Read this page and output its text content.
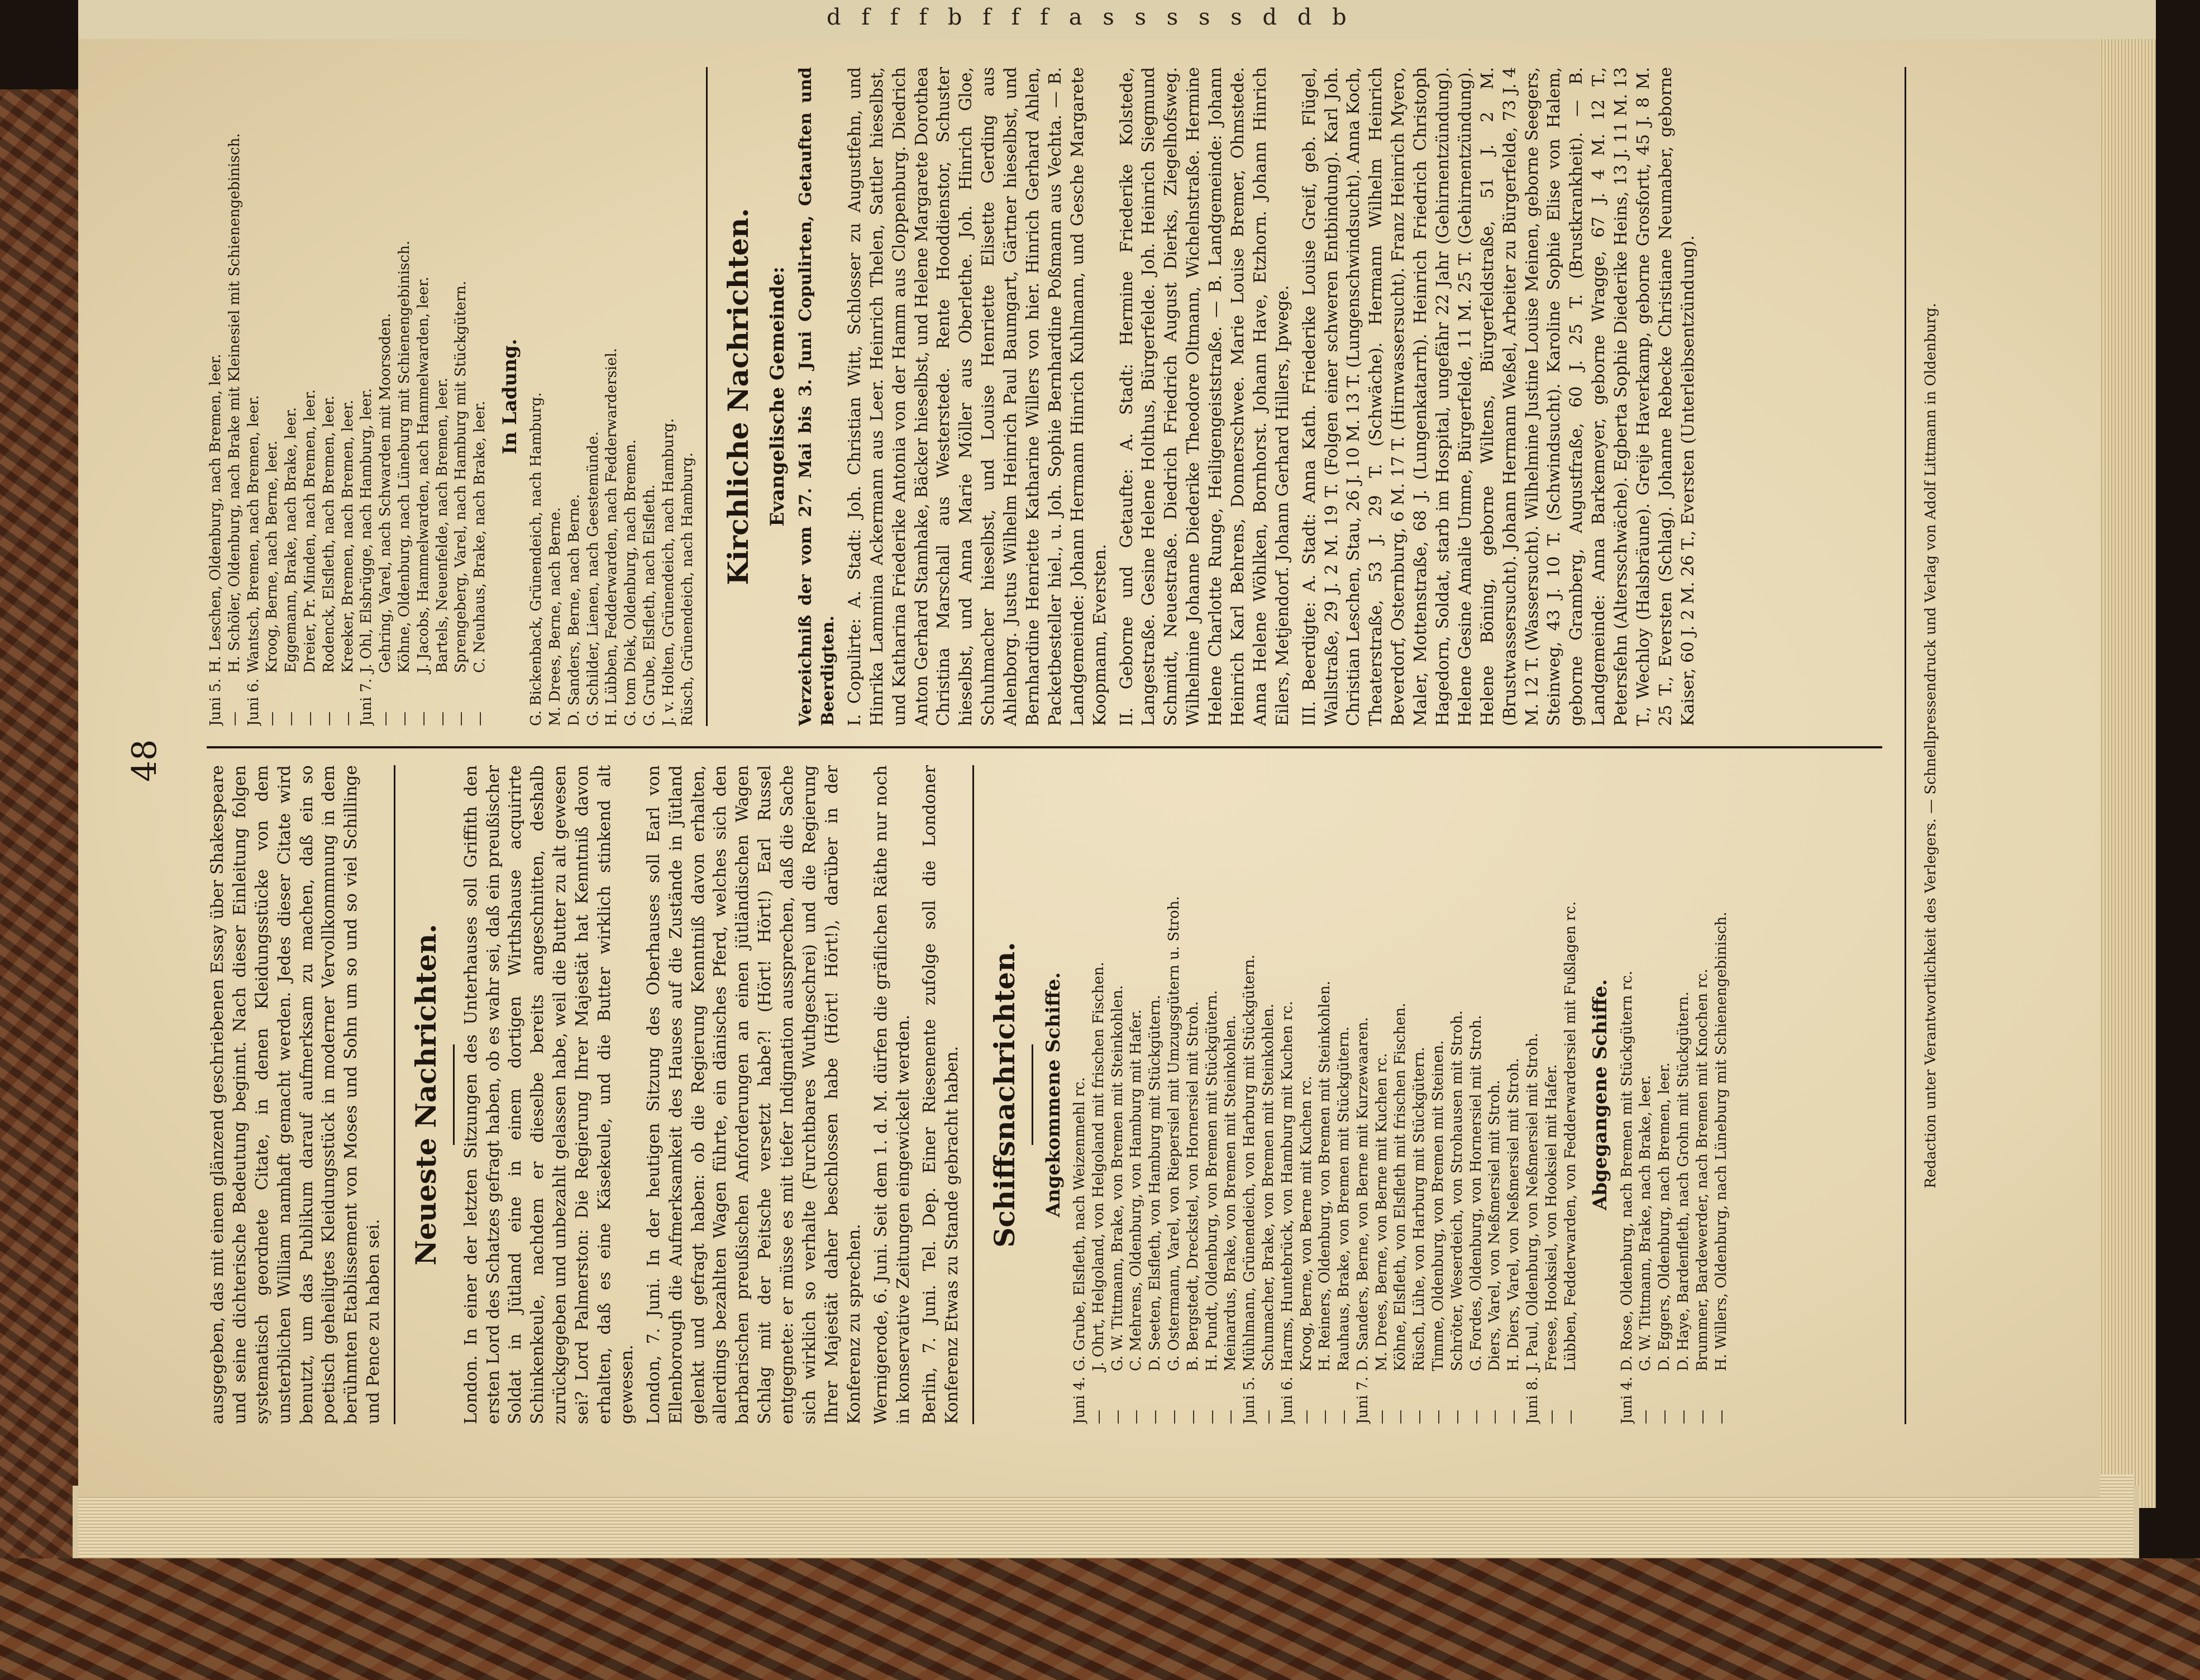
d f f f b f f f a s s s s s d d b
48

ausgegeben, das mit einem glänzend geschriebenen Essay über Shakespeare und seine dichterische Bedeutung beginnt. Nach dieser Einleitung folgen systematisch geordnete Citate, in denen Kleidungsstücke von dem unsterblichen William namhaft gemacht werden. Jedes dieser Citate wird benutzt, um das Publikum darauf aufmerksam zu machen, daß ein so poetisch geheiligtes Kleidungsstück in moderner Vervollkommnung in dem berühmten Etablissement von Moses und Sohn um so und so viel Schillinge und Pence zu haben sei.

Neueste Nachrichten. London. In einer der letzten Sitzungen des Unterhauses soll Griffith den ersten Lord des Schatzes gefragt haben, ob es wahr sei, daß ein preußischer Soldat in Jütland eine in einem dortigen Wirthshause acquirirte Schinkenkeule, nachdem er dieselbe bereits angeschnitten, deshalb zurückgegeben und unbezahlt gelassen habe, weil die Butter zu alt gewesen sei? Lord Palmerston: Die Regierung Ihrer Majestät hat Kenntniß davon erhalten, daß es eine Käsekeule, und die Butter wirklich stinkend alt gewesen. London, 7. Juni. In der heutigen Sitzung des Oberhauses soll Earl von Ellenborough die Aufmerksamkeit des Hauses auf die Zustände in Jütland gelenkt und gefragt haben: ob die Regierung Kenntniß davon erhalten, allerdings bezahlten Wagen führte, ein dänisches Pferd, welches sich den barbarischen preußischen Anforderungen an einen jütländischen Wagen Schlag mit der Peitsche versetzt habe?! (Hört! Hört!) Earl Russel entgegnete: er müsse es mit tiefer Indignation aussprechen, daß die Sache sich wirklich so verhalte (Furchtbares Wuthgeschrei) und die Regierung Ihrer Majestät daher beschlossen habe (Hört! Hört!), darüber in der Konferenz zu sprechen. Wernigerode, 6. Juni. Seit dem 1. d. M. dürfen die gräflichen Räthe nur noch in konservative Zeitungen eingewickelt werden. Berlin, 7. Juni. Tel. Dep. Einer Riesenente zufolge soll die Londoner Konferenz Etwas zu Stande gebracht haben. Schiffsnachrichten. Angekommene Schiffe.
Juni 4.G. Grube, Elsfleth, nach Weizenmehl rc.
—J. Ohrt, Helgoland, von Helgoland mit frischen Fischen.
—G. W. Tittmann, Brake, von Bremen mit Steinkohlen.
—C. Mehrens, Oldenburg, von Hamburg mit Hafer.
—D. Seeten, Elsfleth, von Hamburg mit Stückgütern.
—G. Ostermann, Varel, von Riepersiel mit Umzugsgütern u. Stroh.
—B. Bergstedt, Dreckstel, von Hornersiel mit Stroh.
—H. Pundt, Oldenburg, von Bremen mit Stückgütern.
—Meinardus, Brake, von Bremen mit Steinkohlen.
Juni 5.Mühlmann, Grünendeich, von Harburg mit Stückgütern.
—Schumacher, Brake, von Bremen mit Steinkohlen.
Juni 6.Harms, Huntebrück, von Hamburg mit Kuchen rc.
—Kroog, Berne, von Berne mit Kuchen rc.
—H. Reiners, Oldenburg, von Bremen mit Steinkohlen.
—Rauhaus, Brake, von Bremen mit Stückgütern.
Juni 7.D. Sanders, Berne, von Berne mit Kurzewaaren.
—M. Drees, Berne, von Berne mit Kuchen rc.
—Köhne, Elsfleth, von Elsfleth mit frischen Fischen.
—Rüsch, Lühe, von Harburg mit Stückgütern.
—Timme, Oldenburg, von Bremen mit Steinen.
—Schröter, Weserdeich, von Strohausen mit Stroh.
—G. Fordes, Oldenburg, von Hornersiel mit Stroh.
—Diers, Varel, von Neßmersiel mit Stroh.
—H. Diers, Varel, von Neßmersiel mit Stroh.
Juni 8.J. Paul, Oldenburg, von Neßmersiel mit Stroh.
—Freese, Hooksiel, von Hooksiel mit Hafer.
—Lübben, Fedderwarden, von Fedderwardersiel mit Fußlagen rc. Abgegangene Schiffe.
Juni 4.D. Rose, Oldenburg, nach Bremen mit Stückgütern rc.
—G. W. Tittmann, Brake, nach Brake, leer.
—D. Eggers, Oldenburg, nach Bremen, leer.
—D. Haye, Bardenfleth, nach Grohn mit Stückgütern.
—Brummer, Bardewerder, nach Bremen mit Knochen rc.
—H. Willers, Oldenburg, nach Lüneburg mit Schienengebinisch.
Juni 5.H. Leschen, Oldenburg, nach Bremen, leer.
—H. Schöler, Oldenburg, nach Brake mit Kleinesiel mit Schienengebinisch.
Juni 6.Wantsch, Bremen, nach Bremen, leer.
—Kroog, Berne, nach Berne, leer.
—Eggemann, Brake, nach Brake, leer.
—Dreier, Pr. Minden, nach Bremen, leer.
—Rodenck, Elsfleth, nach Bremen, leer.
—Kreeker, Bremen, nach Bremen, leer.
Juni 7.J. Ohl, Elsbrügge, nach Hamburg, leer.
—Gehring, Varel, nach Schwarden mit Moorsoden.
—Köhne, Oldenburg, nach Lüneburg mit Schienengebinisch.
—J. Jacobs, Hammelwarden, nach Hammelwarden, leer.
—Bartels, Neuenfelde, nach Bremen, leer.
—Sprengeberg, Varel, nach Hamburg mit Stückgütern.
—C. Neuhaus, Brake, nach Brake, leer.
In Ladung. G. Bickenback, Grünendeich, nach Hamburg. M. Drees, Berne, nach Berne. D. Sanders, Berne, nach Berne. G. Schilder, Lienen, nach Geestemünde. H. Lübben, Fedderwarden, nach Fedderwardersiel. G. tom Diek, Oldenburg, nach Bremen. G. Grube, Elsfleth, nach Elsfleth. J. v. Holten, Grünendeich, nach Hamburg. Rüsch, Grünendeich, nach Hamburg.
Kirchliche Nachrichten. Evangelische Gemeinde: Verzeichniß der vom 27. Mai bis 3. Juni Copulirten, Getauften und Beerdigten. I. Copulirte: A. Stadt: Joh. Christian Witt, Schlosser zu Augustfehn, und Hinrika Lammina Ackermann aus Leer. Heinrich Thelen, Sattler hieselbst, und Katharina Friederike Antonia von der Hamm aus Cloppenburg. Diedrich Anton Gerhard Stamhake, Bäcker hieselbst, und Helene Margarete Dorothea Christina Marschall aus Westerstede. Rente Hooddienstor, Schuster hieselbst, und Anna Marie Möller aus Oberlethe. Joh. Hinrich Gloe, Schuhmacher hieselbst, und Louise Henriette Elisette Gerding aus Ahlenborg. Justus Wilhelm Heinrich Paul Baumgart, Gärtner hieselbst, und Bernhardine Henriette Katharine Willers von hier. Hinrich Gerhard Ahlen, Packetbesteller hiel., u. Joh. Sophie Bernhardine Poßmann aus Vechta. — B. Landgemeinde: Johann Hermann Hinrich Kuhlmann, und Gesche Margarete Koopmann, Eversten. II. Geborne und Getaufte: A. Stadt: Hermine Friederike Kolstede, Langestraße. Gesine Helene Holthus, Bürgerfelde. Joh. Heinrich Siegmund Schmidt, Neuestraße. Diedrich Friedrich August Dierks, Ziegelhofsweg. Wilhelmine Johanne Diederike Theodore Oltmann, Wichelnstraße. Hermine Helene Charlotte Runge, Heiligengeiststraße. — B. Landgemeinde: Johann Heinrich Karl Behrens, Donnerschwee. Marie Louise Bremer, Ohmstede. Anna Helene Wöhlken, Bornhorst. Johann Have, Etzhorn. Johann Hinrich Eilers, Metjendorf. Johann Gerhard Hillers, Ipwege. III. Beerdigte: A. Stadt: Anna Kath. Friederike Louise Greif, geb. Flügel, Wallstraße, 29 J. 2 M. 19 T. (Folgen einer schweren Entbindung). Karl Joh. Christian Leschen, Stau, 26 J. 10 M. 13 T. (Lungenschwindsucht). Anna Koch, Theaterstraße, 53 J. 29 T. (Schwäche). Hermann Wilhelm Heinrich Beverdorf, Osternburg, 6 M. 17 T. (Hirnwassersucht). Franz Heinrich Myero, Maler, Mottenstraße, 68 J. (Lungenkatarrh). Heinrich Friedrich Christoph Hagedorn, Soldat, starb im Hospital, ungefähr 22 Jahr (Gehirnentzündung). Helene Gesine Amalie Umme, Bürgerfelde, 11 M. 25 T. (Gehirnentzündung). Helene Böning, geborne Wiltens, Bürgerfeldstraße, 51 J. 2 M. (Brustwassersucht). Johann Hermann Weßel, Arbeiter zu Bürgerfelde, 73 J. 4 M. 12 T. (Wassersucht). Wilhelmine Justine Louise Meinen, geborne Seegers, Steinweg, 43 J. 10 T. (Schwindsucht). Karoline Sophie Elise von Halem, geborne Gramberg, Augustfraße, 60 J. 25 T. (Brustkrankheit). — B. Landgemeinde: Anna Barkemeyer, geborne Wragge, 67 J. 4 M. 12 T., Petersfehn (Altersschwäche). Egberta Sophie Diederike Heins, 13 J. 11 M. 13 T., Wechloy (Halsbräune). Greije Haverkamp, geborne Grosfortt, 45 J. 8 M. 25 T., Eversten (Schlag). Johanne Rebecke Christiane Neumaber, geborne Kaiser, 60 J. 2 M. 26 T., Eversten (Unterleibsentzündung).	Redaction unter Verantwortlichkeit des Verlegers. — Schnellpressendruck und Verlag von Adolf Littmann in Oldenburg.
